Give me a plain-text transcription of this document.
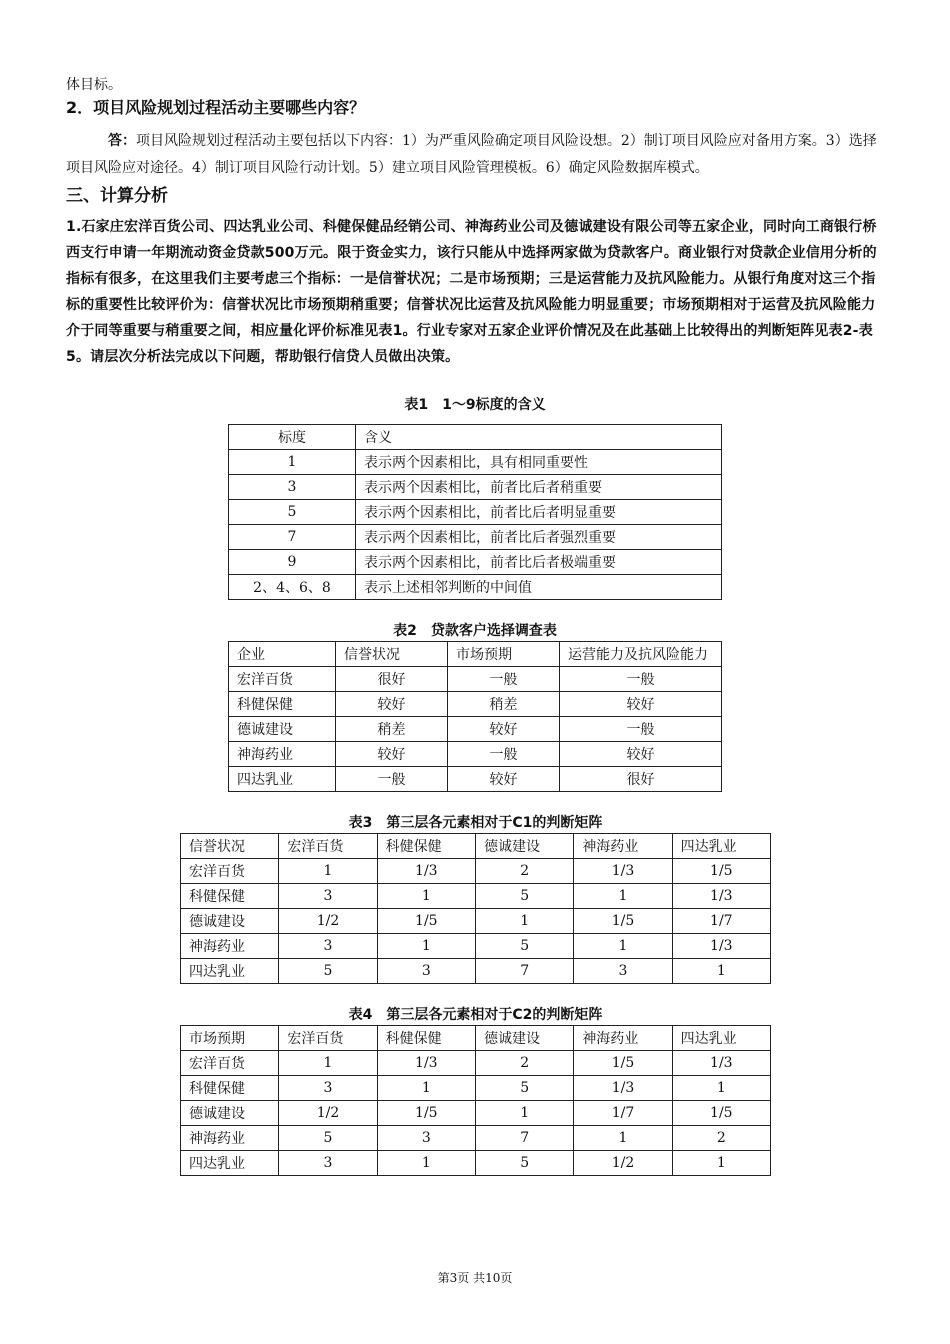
体目标。
2．项目风险规划过程活动主要哪些内容？
答：项目风险规划过程活动主要包括以下内容：1）为严重风险确定项目风险设想。2）制订项目风险应对备用方案。3）选择项目风险应对途径。4）制订项目风险行动计划。5）建立项目风险管理模板。6）确定风险数据库模式。
三、计算分析
1.石家庄宏洋百货公司、四达乳业公司、科健保健品经销公司、神海药业公司及德诚建设有限公司等五家企业，同时向工商银行桥西支行申请一年期流动资金贷款500万元。限于资金实力，该行只能从中选择两家做为贷款客户。商业银行对贷款企业信用分析的指标有很多，在这里我们主要考虑三个指标：一是信誉状况；二是市场预期；三是运营能力及抗风险能力。从银行角度对这三个指标的重要性比较评价为：信誉状况比市场预期稍重要；信誉状况比运营及抗风险能力明显重要；市场预期相对于运营及抗风险能力介于同等重要与稍重要之间，相应量化评价标准见表1。行业专家对五家企业评价情况及在此基础上比较得出的判断矩阵见表2-表5。请层次分析法完成以下问题，帮助银行信贷人员做出决策。
表1　1～9标度的含义
标度	含义
1	表示两个因素相比，具有相同重要性
3	表示两个因素相比，前者比后者稍重要
5	表示两个因素相比，前者比后者明显重要
7	表示两个因素相比，前者比后者强烈重要
9	表示两个因素相比，前者比后者极端重要
2、4、6、8	表示上述相邻判断的中间值
表2　贷款客户选择调查表
企业	信誉状况	市场预期	运营能力及抗风险能力
宏洋百货	很好	一般	一般
科健保健	较好	稍差	较好
德诚建设	稍差	较好	一般
神海药业	较好	一般	较好
四达乳业	一般	较好	很好
表3　第三层各元素相对于C1的判断矩阵
信誉状况	宏洋百货	科健保健	德诚建设	神海药业	四达乳业
宏洋百货	1	1/3	2	1/3	1/5
科健保健	3	1	5	1	1/3
德诚建设	1/2	1/5	1	1/5	1/7
神海药业	3	1	5	1	1/3
四达乳业	5	3	7	3	1
表4　第三层各元素相对于C2的判断矩阵
市场预期	宏洋百货	科健保健	德诚建设	神海药业	四达乳业
宏洋百货	1	1/3	2	1/5	1/3
科健保健	3	1	5	1/3	1
德诚建设	1/2	1/5	1	1/7	1/5
神海药业	5	3	7	1	2
四达乳业	3	1	5	1/2	1
第3页 共10页
